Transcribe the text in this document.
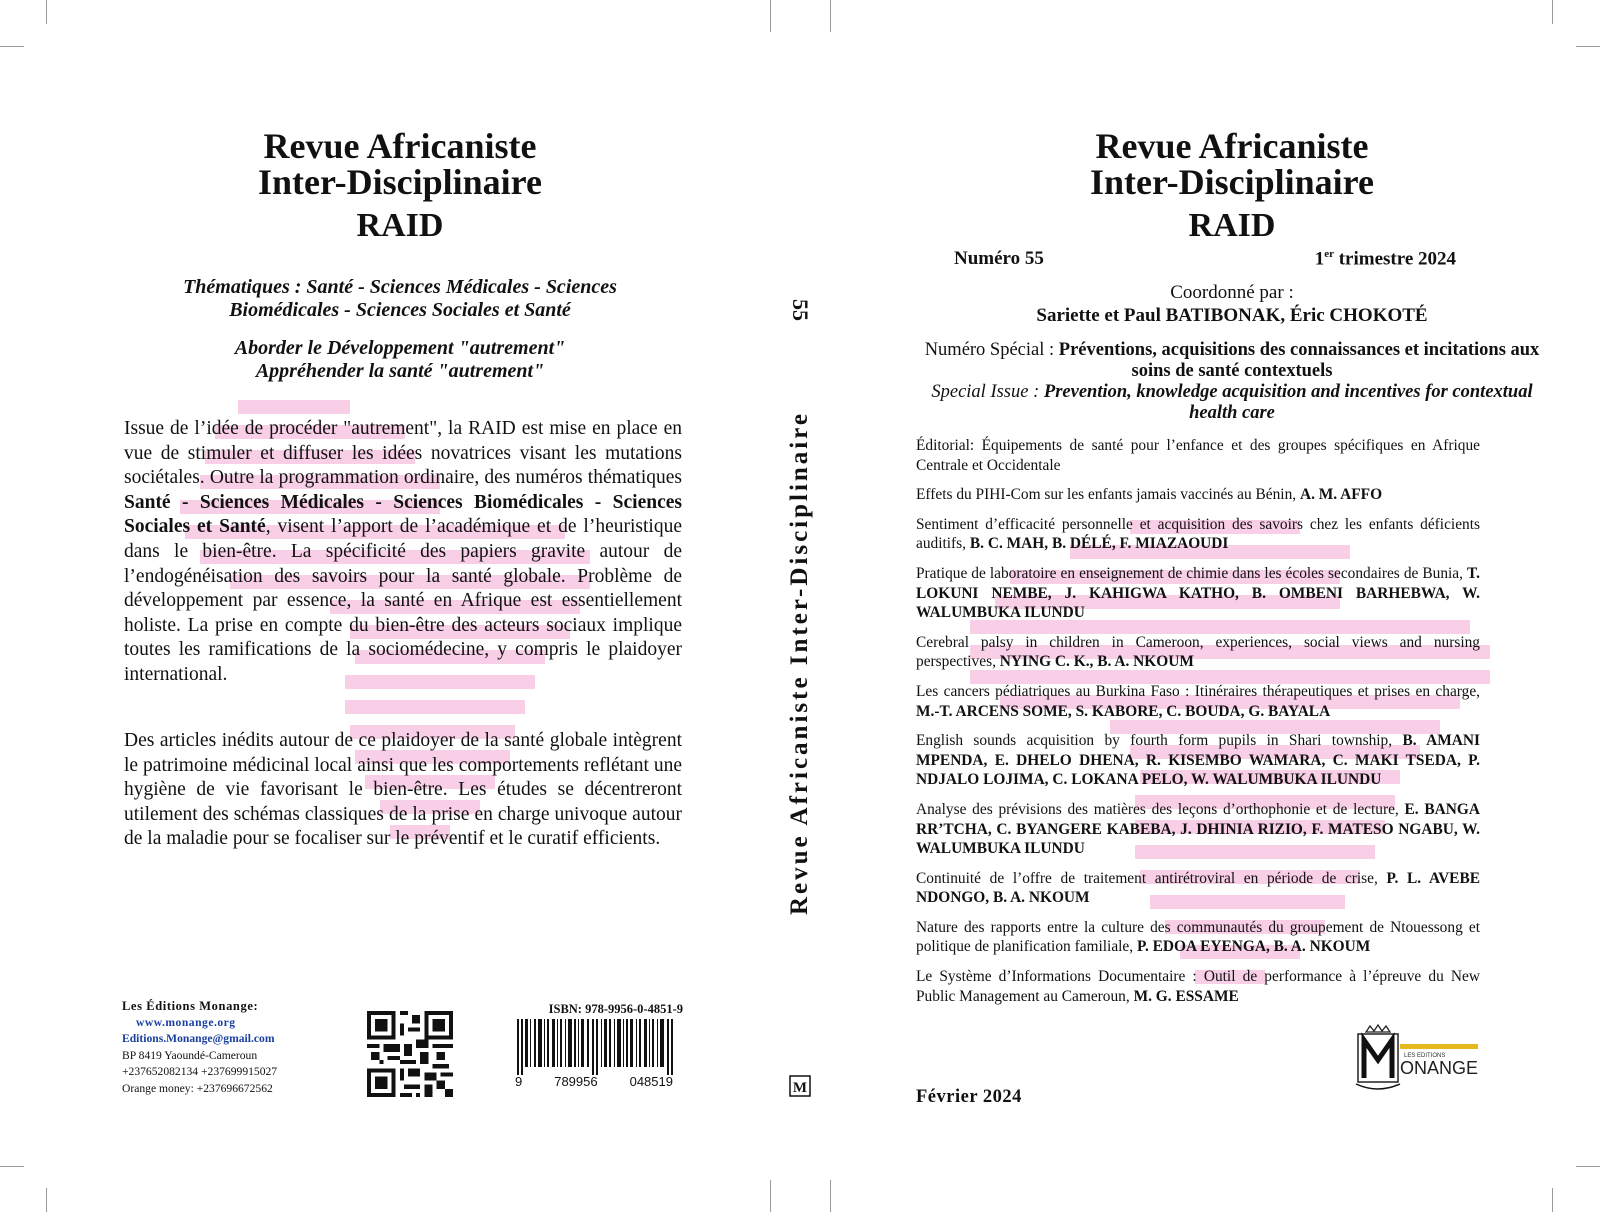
Revue Africaniste
Inter-Disciplinaire
RAID
Thématiques : Santé - Sciences Médicales - Sciences
Biomédicales - Sciences Sociales et Santé
Aborder le Développement "autrement"
Appréhender la santé "autrement"
Issue de l’idée de procéder "autrement", la RAID est mise en place en vue de stimuler et diffuser les idées novatrices visant les mutations sociétales. Outre la programmation ordinaire, des numéros thématiques Santé - Sciences Médicales - Sciences Biomédicales - Sciences Sociales et Santé, visent l’apport de l’académique et de l’heuristique dans le bien-être. La spécificité des papiers gravite autour de l’endogénéisation des savoirs pour la santé globale. Problème de développement par essence, la santé en Afrique est essentiellement holiste. La prise en compte du bien-être des acteurs sociaux implique toutes les ramifications de la sociomédecine, y compris le plaidoyer international.
Des articles inédits autour de ce plaidoyer de la santé globale intègrent le patrimoine médicinal local ainsi que les comportements reflétant une hygiène de vie favorisant le bien-être. Les études se décentreront utilement des schémas classiques de la prise en charge univoque autour de la maladie pour se focaliser sur le préventif et le curatif efficients.
Les Éditions Monange:
www.monange.org
Editions.Monange@gmail.com
BP 8419 Yaoundé-Cameroun
+237652082134 +237699915027
Orange money: +237696672562
ISBN: 978-9956-0-4851-9
9 789956 048519
55
Revue Africaniste Inter-Disciplinaire
M
Revue Africaniste
Inter-Disciplinaire
RAID
Numéro 55	1er trimestre 2024
Coordonné par :
Sariette et Paul BATIBONAK, Éric CHOKOTÉ
Numéro Spécial : Préventions, acquisitions des connaissances et incitations aux soins de santé contextuels
Special Issue : Prevention, knowledge acquisition and incentives for contextual health care
Éditorial: Équipements de santé pour l’enfance et des groupes spécifiques en Afrique Centrale et Occidentale
Effets du PIHI-Com sur les enfants jamais vaccinés au Bénin, A. M. AFFO
Sentiment d’efficacité personnelle et acquisition des savoirs chez les enfants déficients auditifs, B. C. MAH, B. DÉLÉ, F. MIAZAOUDI
Pratique de laboratoire en enseignement de chimie dans les écoles secondaires de Bunia, T. LOKUNI NEMBE, J. KAHIGWA KATHO, B. OMBENI BARHEBWA, W. WALUMBUKA ILUNDU
Cerebral palsy in children in Cameroon, experiences, social views and nursing perspectives, NYING C. K., B. A. NKOUM
Les cancers pédiatriques au Burkina Faso : Itinéraires thérapeutiques et prises en charge, M.-T. ARCENS SOME, S. KABORE, C. BOUDA, G. BAYALA
English sounds acquisition by fourth form pupils in Shari township, B. AMANI MPENDA, E. DHELO DHENA, R. KISEMBO WAMARA, C. MAKI TSEDA, P. NDJALO LOJIMA, C. LOKANA PELO, W. WALUMBUKA ILUNDU
Analyse des prévisions des matières des leçons d’orthophonie et de lecture, E. BANGA RR’TCHA, C. BYANGERE KABEBA, J. DHINIA RIZIO, F. MATESO NGABU, W. WALUMBUKA ILUNDU
Continuité de l’offre de traitement antirétroviral en période de crise, P. L. AVEBE NDONGO, B. A. NKOUM
Nature des rapports entre la culture des communautés du groupement de Ntouessong et politique de planification familiale, P. EDOA EYENGA, B. A. NKOUM
Le Système d’Informations Documentaire : Outil de performance à l’épreuve du New Public Management au Cameroun, M. G. ESSAME
Février 2024
LES EDITIONS
ONANGE
